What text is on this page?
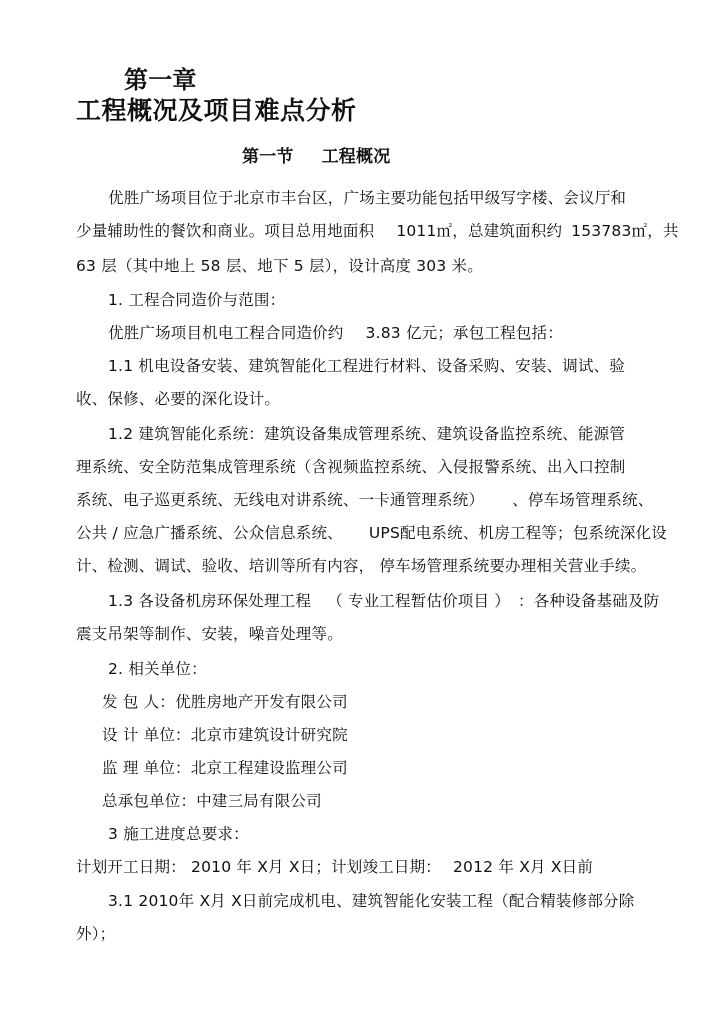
第一章
工程概况及项目难点分析
第一节 工程概况
优胜广场项目位于北京市丰台区，广场主要功能包括甲级写字楼、会议厅和
少量辅助性的餐饮和商业。项目总用地面积 1011㎡，总建筑面积约 153783㎡，共
63 层（其中地上 58 层、地下 5 层），设计高度 303 米。
1. 工程合同造价与范围：
优胜广场项目机电工程合同造价约 3.83 亿元；承包工程包括：
1.1 机电设备安装、建筑智能化工程进行材料、设备采购、安装、调试、验
收、保修、必要的深化设计。
1.2 建筑智能化系统：建筑设备集成管理系统、建筑设备监控系统、能源管
理系统、安全防范集成管理系统（含视频监控系统、入侵报警系统、出入口控制
系统、电子巡更系统、无线电对讲系统、一卡通管理系统） 、停车场管理系统、
公共 / 应急广播系统、公众信息系统、 UPS配电系统、机房工程等；包系统深化设
计、检测、调试、验收、培训等所有内容， 停车场管理系统要办理相关营业手续。
1.3 各设备机房环保处理工程 （ 专业工程暂估价项目 ） ：各种设备基础及防
震支吊架等制作、安装，噪音处理等。
2. 相关单位：
发 包 人：优胜房地产开发有限公司
设 计 单位：北京市建筑设计研究院
监 理 单位：北京工程建设监理公司
总承包单位：中建三局有限公司
3 施工进度总要求：
计划开工日期： 2010 年 X月 X日；计划竣工日期： 2012 年 X月 X日前
3.1 2010年 X月 X日前完成机电、建筑智能化安装工程（配合精装修部分除
外）；
